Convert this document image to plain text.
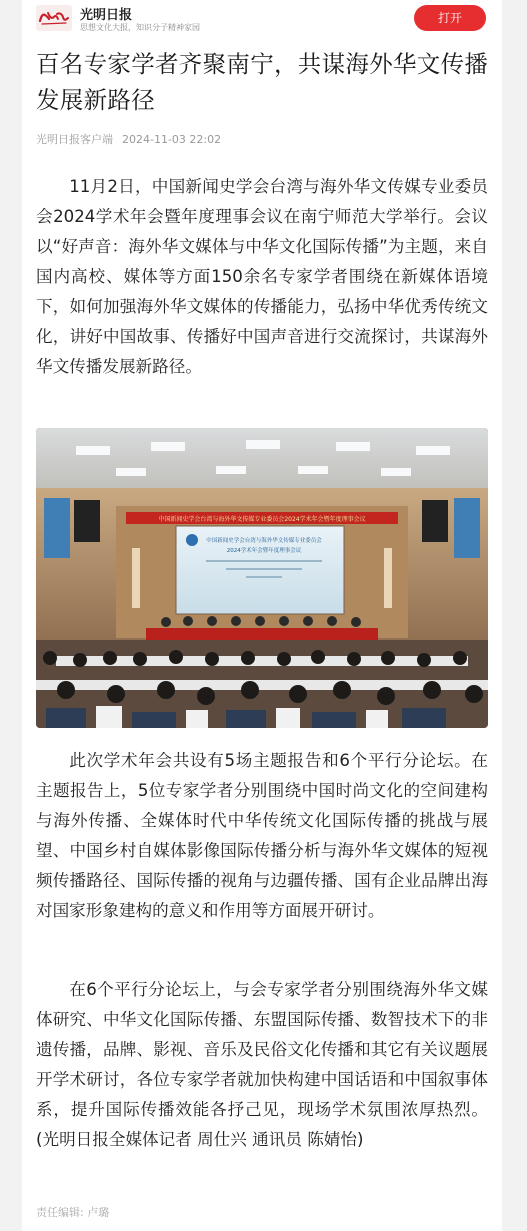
光明日报
思想文化大报，知识分子精神家园
打开
百名专家学者齐聚南宁，共谋海外华文传播发展新路径
光明日报客户端 2024-11-03 22:02

11月2日，中国新闻史学会台湾与海外华文传媒专业委员会2024学术年会暨年度理事会议在南宁师范大学举行。会议以“好声音：海外华文媒体与中华文化国际传播”为主题，来自国内高校、媒体等方面150余名专家学者围绕在新媒体语境下，如何加强海外华文媒体的传播能力，弘扬中华优秀传统文化，讲好中国故事、传播好中国声音进行交流探讨，共谋海外华文传播发展新路径。

中国新闻史学会台湾与海外华文传媒专业委员会2024学术年会暨年度理事会议
中国新闻史学会台湾与海外华文传媒专业委员会
2024学术年会暨年度理事会议

此次学术年会共设有5场主题报告和6个平行分论坛。在主题报告上，5位专家学者分别围绕中国时尚文化的空间建构与海外传播、全媒体时代中华传统文化国际传播的挑战与展望、中国乡村自媒体影像国际传播分析与海外华文媒体的短视频传播路径、国际传播的视角与边疆传播、国有企业品牌出海对国家形象建构的意义和作用等方面展开研讨。

在6个平行分论坛上，与会专家学者分别围绕海外华文媒体研究、中华文化国际传播、东盟国际传播、数智技术下的非遗传播，品牌、影视、音乐及民俗文化传播和其它有关议题展开学术研讨，各位专家学者就加快构建中国话语和中国叙事体系，提升国际传播效能各抒己见，现场学术氛围浓厚热烈。(光明日报全媒体记者 周仕兴 通讯员 陈婧怡)

责任编辑: 卢璐
